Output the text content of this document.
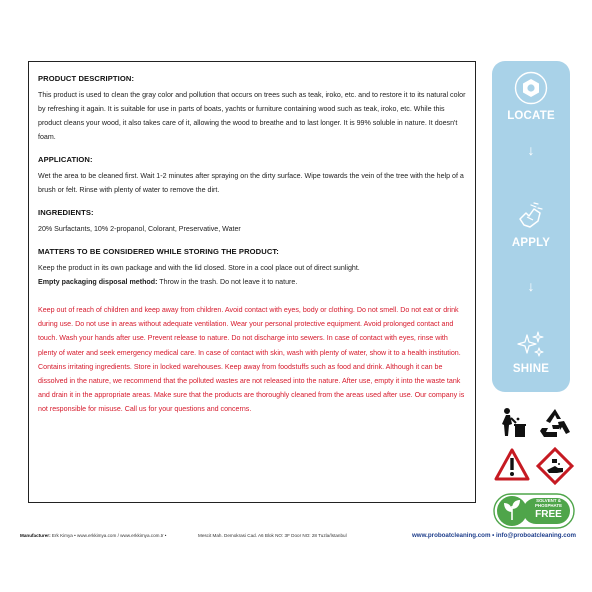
PRODUCT DESCRIPTION:
This product is used to clean the gray color and pollution that occurs on trees such as teak, iroko, etc. and to restore it to its natural color by refreshing it again. It is suitable for use in parts of boats, yachts or furniture containing wood such as teak, iroko, etc. While this product cleans your wood, it also takes care of it, allowing the wood to breathe and to last longer. It is 99% soluble in nature. It doesn't foam.
APPLICATION:
Wet the area to be cleaned first. Wait 1-2 minutes after spraying on the dirty surface. Wipe towards the vein of the tree with the help of a brush or felt. Rinse with plenty of water to remove the dirt.
INGREDIENTS:
20% Surfactants, 10% 2-propanol, Colorant, Preservative, Water
MATTERS TO BE CONSIDERED WHILE STORING THE PRODUCT:
Keep the product in its own package and with the lid closed. Store in a cool place out of direct sunlight.
Empty packaging disposal method: Throw in the trash. Do not leave it to nature.
Keep out of reach of children and keep away from children. Avoid contact with eyes, body or clothing. Do not smell. Do not eat or drink during use. Do not use in areas without adequate ventilation. Wear your personal protective equipment. Avoid prolonged contact and touch. Wash your hands after use. Prevent release to nature. Do not discharge into sewers. In case of contact with eyes, rinse with plenty of water and seek emergency medical care. In case of contact with skin, wash with plenty of water, show it to a health institution. Contains irritating ingredients. Store in locked warehouses. Keep away from foodstuffs such as food and drink. Although it can be dissolved in the nature, we recommend that the polluted wastes are not released into the nature. After use, empty it into the waste tank and drain it in the appropriate areas. Make sure that the products are thoroughly cleaned from the areas used after use. Our company is not responsible for misuse. Call us for your questions and concerns.
LOCATE
↓
APPLY
↓
SHINE
SOLVENT &
PHOSPHATE
FREE
Manufacturer: Erk Kimya • www.erkkimya.com / www.erkkimya.com.tr •	Mescit Mah. Demokrasi Cad. A6 Blok NO: 3F Door NO: 28 Tuzla/İstanbul	www.proboatcleaning.com • info@proboatcleaning.com
